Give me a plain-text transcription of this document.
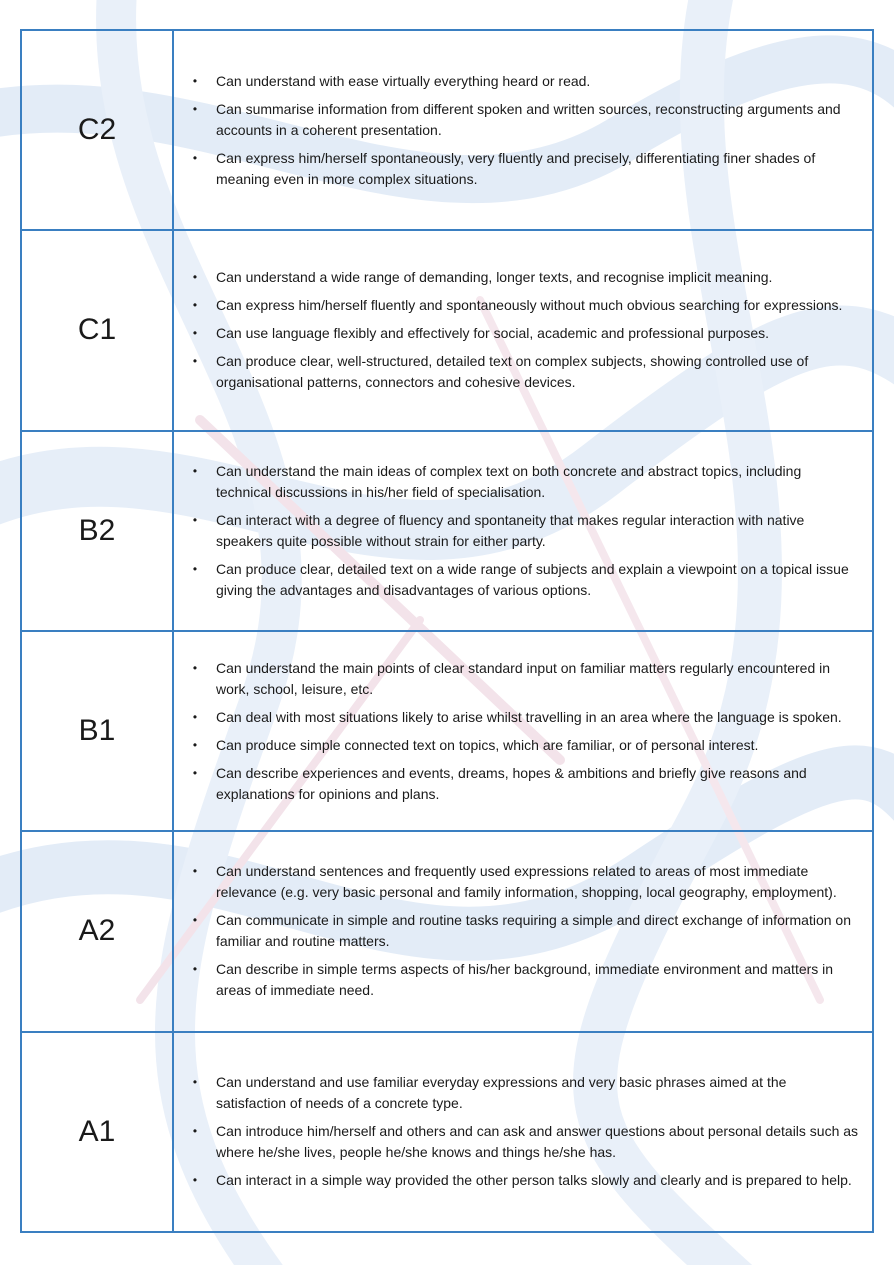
C2
• Can understand with ease virtually everything heard or read.
• Can summarise information from different spoken and written sources, reconstructing arguments and accounts in a coherent presentation.
• Can express him/herself spontaneously, very fluently and precisely, differentiating finer shades of meaning even in more complex situations.
C1
• Can understand a wide range of demanding, longer texts, and recognise implicit meaning.
• Can express him/herself fluently and spontaneously without much obvious searching for expressions.
• Can use language flexibly and effectively for social, academic and professional purposes.
• Can produce clear, well-structured, detailed text on complex subjects, showing controlled use of organisational patterns, connectors and cohesive devices.
B2
• Can understand the main ideas of complex text on both concrete and abstract topics, including technical discussions in his/her field of specialisation.
• Can interact with a degree of fluency and spontaneity that makes regular interaction with native speakers quite possible without strain for either party.
• Can produce clear, detailed text on a wide range of subjects and explain a viewpoint on a topical issue giving the advantages and disadvantages of various options.
B1
• Can understand the main points of clear standard input on familiar matters regularly encountered in work, school, leisure, etc.
• Can deal with most situations likely to arise whilst travelling in an area where the language is spoken.
• Can produce simple connected text on topics, which are familiar, or of personal interest.
• Can describe experiences and events, dreams, hopes & ambitions and briefly give reasons and explanations for opinions and plans.
A2
• Can understand sentences and frequently used expressions related to areas of most immediate relevance (e.g. very basic personal and family information, shopping, local geography, employment).
• Can communicate in simple and routine tasks requiring a simple and direct exchange of information on familiar and routine matters.
• Can describe in simple terms aspects of his/her background, immediate environment and matters in areas of immediate need.
A1
• Can understand and use familiar everyday expressions and very basic phrases aimed at the satisfaction of needs of a concrete type.
• Can introduce him/herself and others and can ask and answer questions about personal details such as where he/she lives, people he/she knows and things he/she has.
• Can interact in a simple way provided the other person talks slowly and clearly and is prepared to help.
